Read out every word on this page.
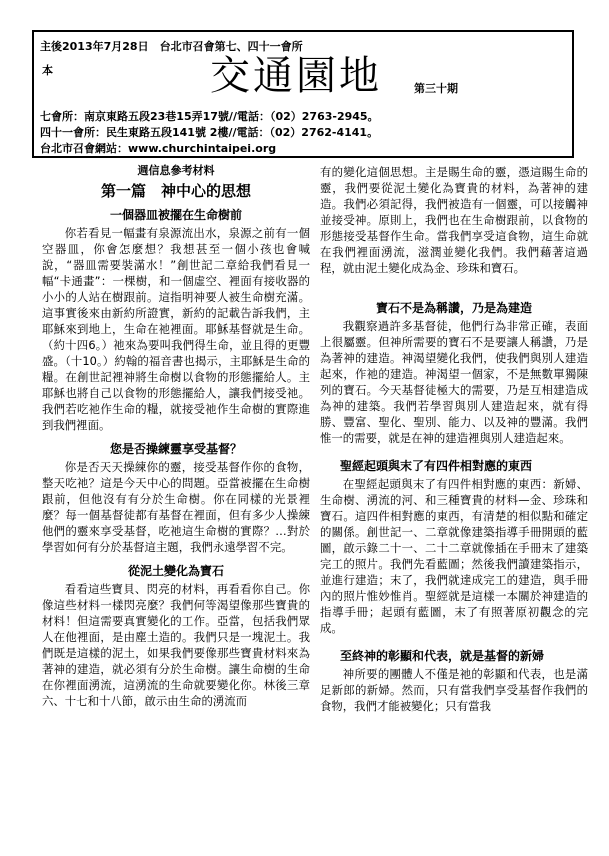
主後2013年7月28日　台北市召會第七、四十一會所
本	交通園地	第三十期
七會所：南京東路五段23巷15弄17號//電話：（02）2763-2945。
四十一會所：民生東路五段141號 2樓//電話：（02）2762-4141。
台北市召會網站：www.churchintaipei.org
週信息參考材料
第一篇　神中心的思想
一個器皿被擺在生命樹前

你若看見一幅畫有泉源流出水，泉源之前有一個空器皿，你會怎麼想？我想甚至一個小孩也會喊說，“器皿需要裝滿水！”創世記二章給我們看見一幅“卡通畫”：一棵樹，和一個虛空、裡面有接收器的小小的人站在樹跟前。這指明神要人被生命樹充滿。這事實後來由新約所證實，新約的記載告訴我們，主耶穌來到地上，生命在祂裡面。耶穌基督就是生命。（約十四6。）祂來為要叫我們得生命，並且得的更豐盛。（十10。）約翰的福音書也揭示，主耶穌是生命的糧。在創世記裡神將生命樹以食物的形態擺給人。主耶穌也將自己以食物的形態擺給人，讓我們接受祂。我們若吃祂作生命的糧，就接受祂作生命樹的實際進到我們裡面。

您是否操練靈享受基督？

你是否天天操練你的靈，接受基督作你的食物，整天吃祂？這是今天中心的問題。亞當被擺在生命樹跟前，但他沒有有分於生命樹。你在同樣的光景裡麼？每一個基督徒都有基督在裡面，但有多少人操練他們的靈來享受基督，吃祂這生命樹的實際？…對於學習如何有分於基督這主題，我們永遠學習不完。

從泥土變化為寶石

看看這些寶貝、閃亮的材料，再看看你自己。你像這些材料一樣閃亮麼？我們何等渴望像那些寶貴的材料！但這需要真實變化的工作。亞當，包括我們眾人在他裡面，是由塵土造的。我們只是一塊泥土。我們既是這樣的泥土，如果我們要像那些寶貴材料來為著神的建造，就必須有分於生命樹。讓生命樹的生命在你裡面湧流，這湧流的生命就要變化你。林後三章六、十七和十八節，啟示由生命的湧流而

有的變化這個思想。主是賜生命的靈，憑這賜生命的靈，我們要從泥土變化為寶貴的材料，為著神的建造。我們必須記得，我們被造有一個靈，可以接觸神並接受神。原則上，我們也在生命樹跟前，以食物的形態接受基督作生命。當我們享受這食物，這生命就在我們裡面湧流，滋潤並變化我們。我們藉著這過程，就由泥土變化成為金、珍珠和寶石。

寶石不是為稱讚，乃是為建造

我觀察過許多基督徒，他們行為非常正確，表面上很屬靈。但神所需要的寶石不是要讓人稱讚，乃是為著神的建造。神渴望變化我們，使我們與別人建造起來，作祂的建造。神渴望一個家，不是無數單獨陳列的寶石。今天基督徒極大的需要，乃是互相建造成為神的建築。我們若學習與別人建造起來，就有得勝、豐富、聖化、聖別、能力、以及神的豐滿。我們惟一的需要，就是在神的建造裡與別人建造起來。

聖經起頭與末了有四件相對應的東西

在聖經起頭與末了有四件相對應的東西：新婦、生命樹、湧流的河、和三種寶貴的材料—金、珍珠和寶石。這四件相對應的東西，有清楚的相似點和確定的關係。創世記一、二章就像建築指導手冊開頭的藍圖，啟示錄二十一、二十二章就像插在手冊末了建築完工的照片。我們先看藍圖；然後我們讀建築指示，並進行建造；末了，我們就達成完工的建造，與手冊內的照片惟妙惟肖。聖經就是這樣一本關於神建造的指導手冊；起頭有藍圖，末了有照著原初觀念的完成。

至終神的彰顯和代表，就是基督的新婦

神所要的團體人不僅是祂的彰顯和代表，也是滿足新郎的新婦。然而，只有當我們享受基督作我們的食物，我們才能被變化；只有當我
